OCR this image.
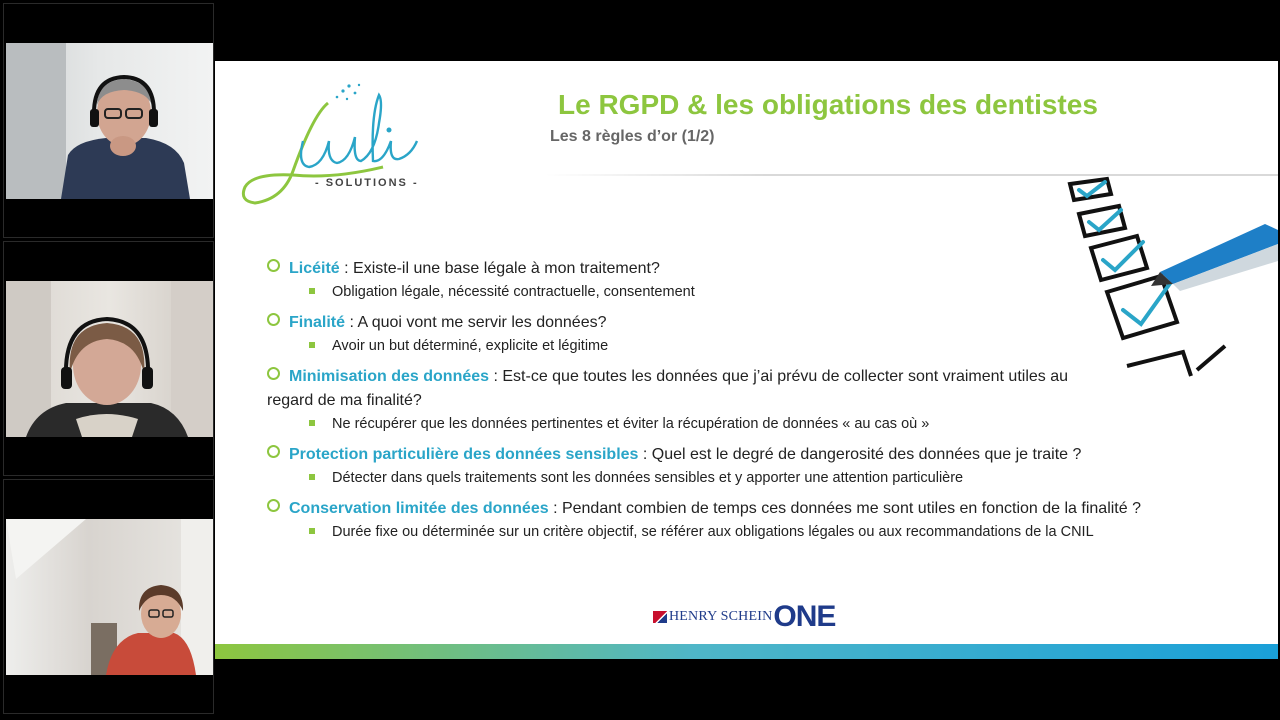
- SOLUTIONS -
Le RGPD & les obligations des dentistes
Les 8 règles d’or (1/2)
Licéité : Existe-il une base légale à mon traitement?
Obligation légale, nécessité contractuelle, consentement
Finalité : A quoi vont me servir les données?
Avoir un but déterminé, explicite et légitime
Minimisation des données : Est-ce que toutes les données que j’ai prévu de collecter sont vraiment utiles au regard de ma finalité?
Ne récupérer que les données pertinentes et éviter la récupération de données « au cas où »
Protection particulière des données sensibles : Quel est le degré de dangerosité des données que je traite ?
Détecter dans quels traitements sont les données sensibles et y apporter une attention particulière
Conservation limitée des données : Pendant combien de temps ces données me sont utiles en fonction de la finalité ?
Durée fixe ou déterminée sur un critère objectif, se référer aux obligations légales ou aux recommandations de la CNIL
HENRY SCHEIN ONE
